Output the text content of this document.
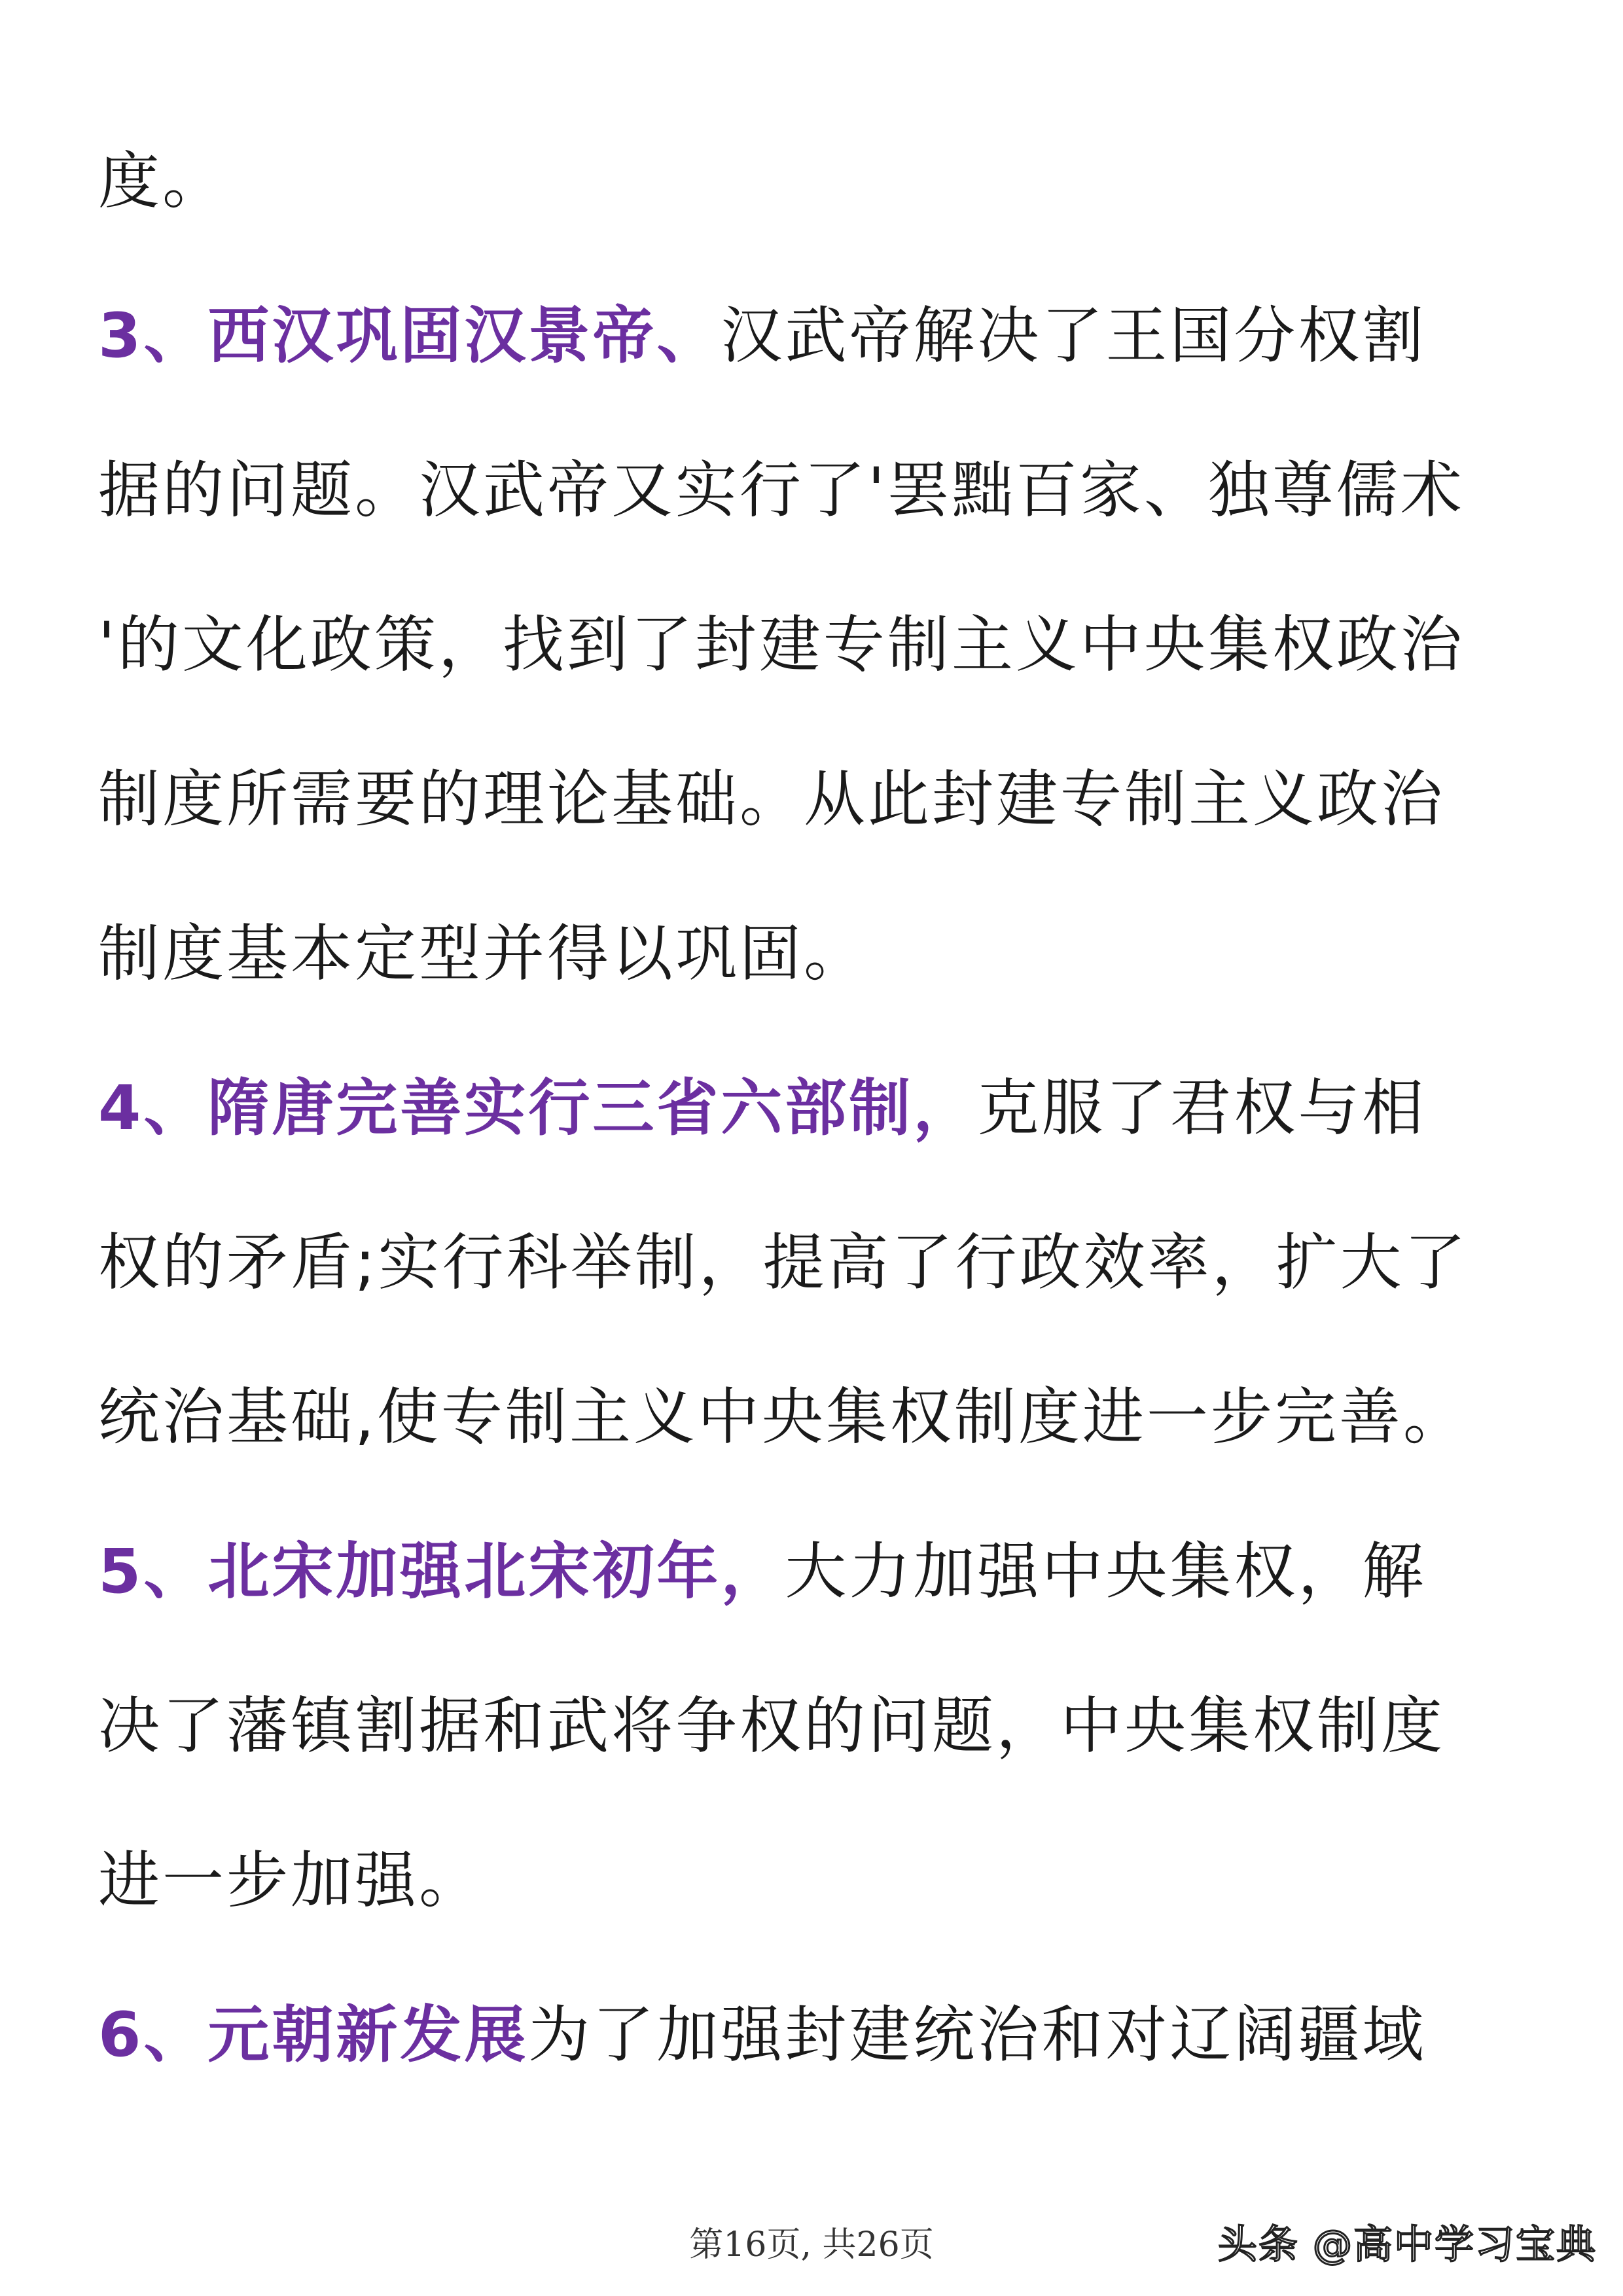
度。
3、西汉巩固汉景帝、汉武帝解决了王国分权割
据的问题。汉武帝又实行了'罢黜百家、独尊儒术
'的文化政策，找到了封建专制主义中央集权政治
制度所需要的理论基础。从此封建专制主义政治
制度基本定型并得以巩固。
4、隋唐完善实行三省六部制，克服了君权与相
权的矛盾;实行科举制，提高了行政效率，扩大了
统治基础,使专制主义中央集权制度进一步完善。
5、北宋加强北宋初年，大力加强中央集权，解
决了藩镇割据和武将争权的问题，中央集权制度
进一步加强。
6、元朝新发展为了加强封建统治和对辽阔疆域
第16页, 共26页	头条 @高中学习宝典
